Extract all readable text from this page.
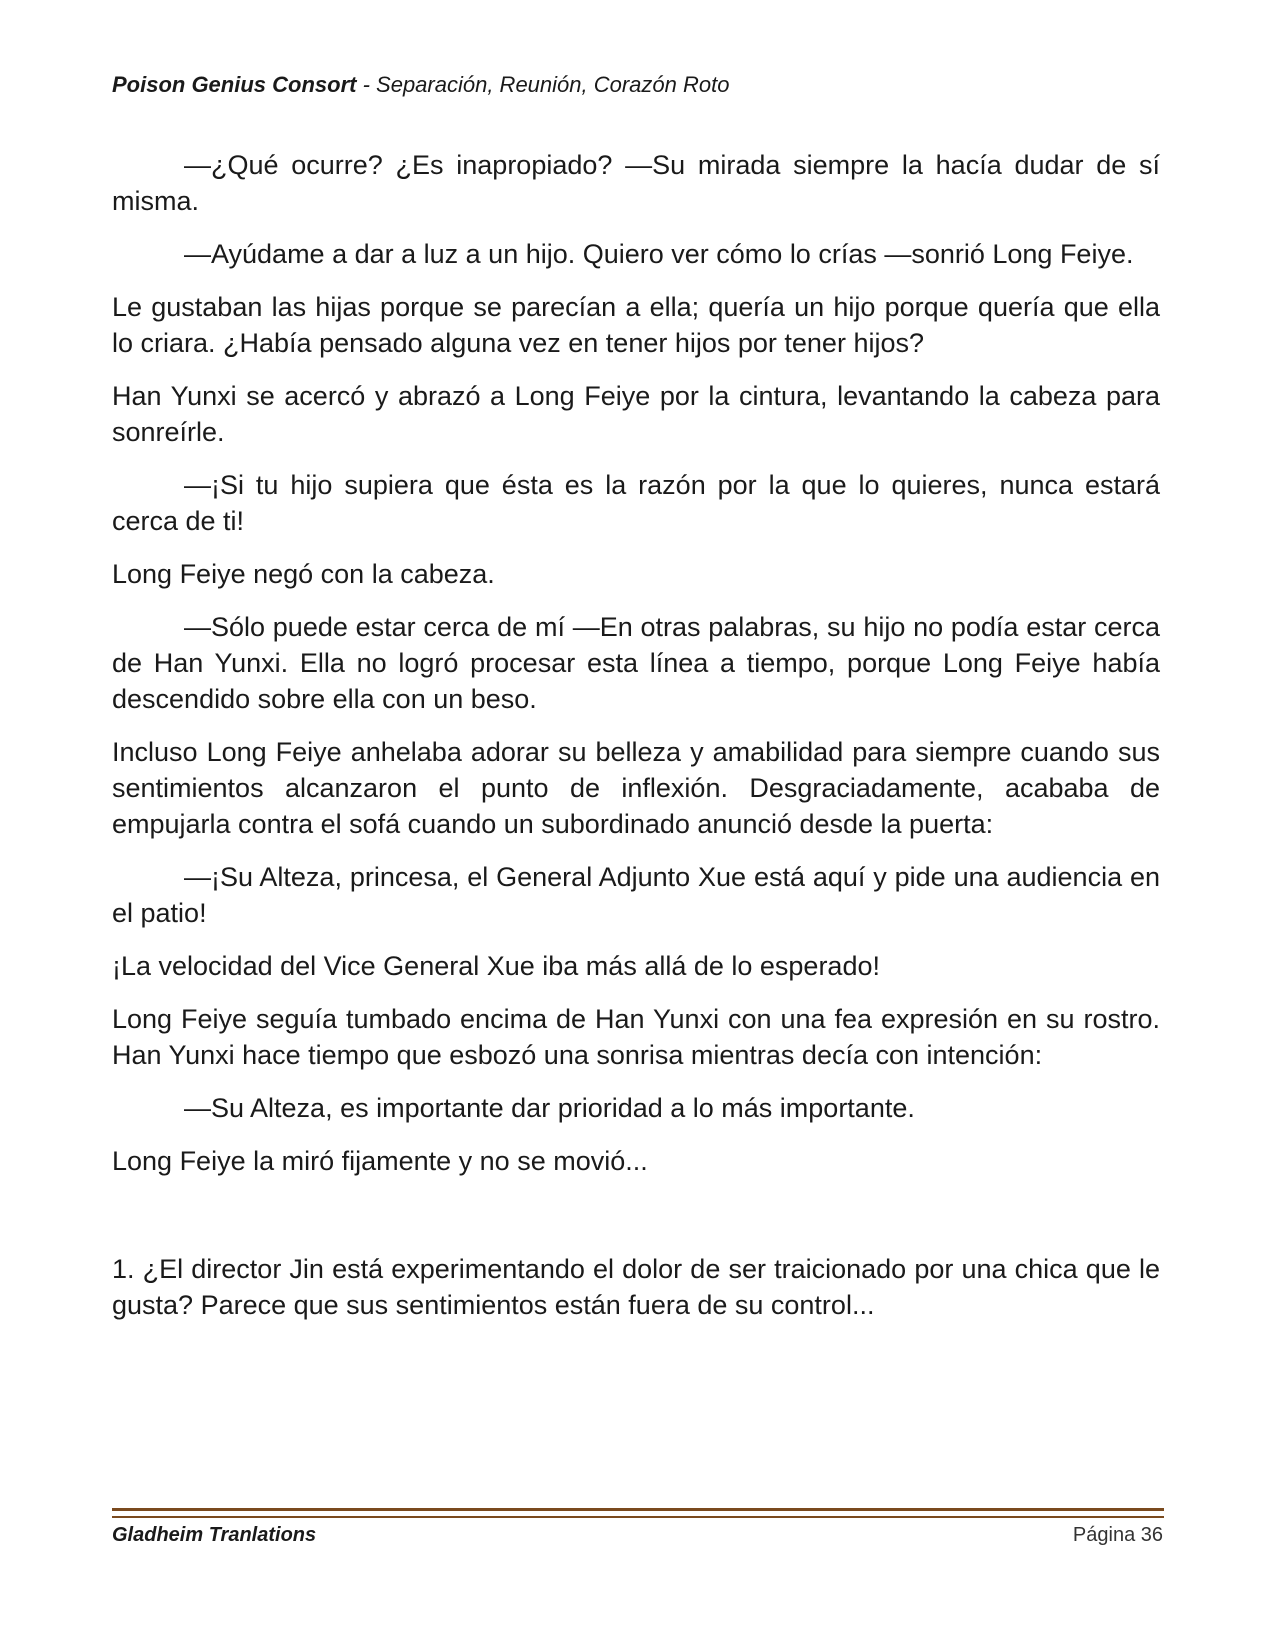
Poison Genius Consort - Separación, Reunión, Corazón Roto

—¿Qué ocurre? ¿Es inapropiado? —Su mirada siempre la hacía dudar de sí misma.

—Ayúdame a dar a luz a un hijo. Quiero ver cómo lo crías —sonrió Long Feiye.

Le gustaban las hijas porque se parecían a ella; quería un hijo porque quería que ella lo criara. ¿Había pensado alguna vez en tener hijos por tener hijos?

Han Yunxi se acercó y abrazó a Long Feiye por la cintura, levantando la cabeza para sonreírle.

—¡Si tu hijo supiera que ésta es la razón por la que lo quieres, nunca estará cerca de ti!

Long Feiye negó con la cabeza.

—Sólo puede estar cerca de mí —En otras palabras, su hijo no podía estar cerca de Han Yunxi. Ella no logró procesar esta línea a tiempo, porque Long Feiye había descendido sobre ella con un beso.

Incluso Long Feiye anhelaba adorar su belleza y amabilidad para siempre cuando sus sentimientos alcanzaron el punto de inflexión. Desgraciadamente, acababa de empujarla contra el sofá cuando un subordinado anunció desde la puerta:

—¡Su Alteza, princesa, el General Adjunto Xue está aquí y pide una audiencia en el patio!

¡La velocidad del Vice General Xue iba más allá de lo esperado!

Long Feiye seguía tumbado encima de Han Yunxi con una fea expresión en su rostro. Han Yunxi hace tiempo que esbozó una sonrisa mientras decía con intención:

—Su Alteza, es importante dar prioridad a lo más importante.

Long Feiye la miró fijamente y no se movió...

1. ¿El director Jin está experimentando el dolor de ser traicionado por una chica que le gusta? Parece que sus sentimientos están fuera de su control...

Gladheim Tranlations	Página 36
